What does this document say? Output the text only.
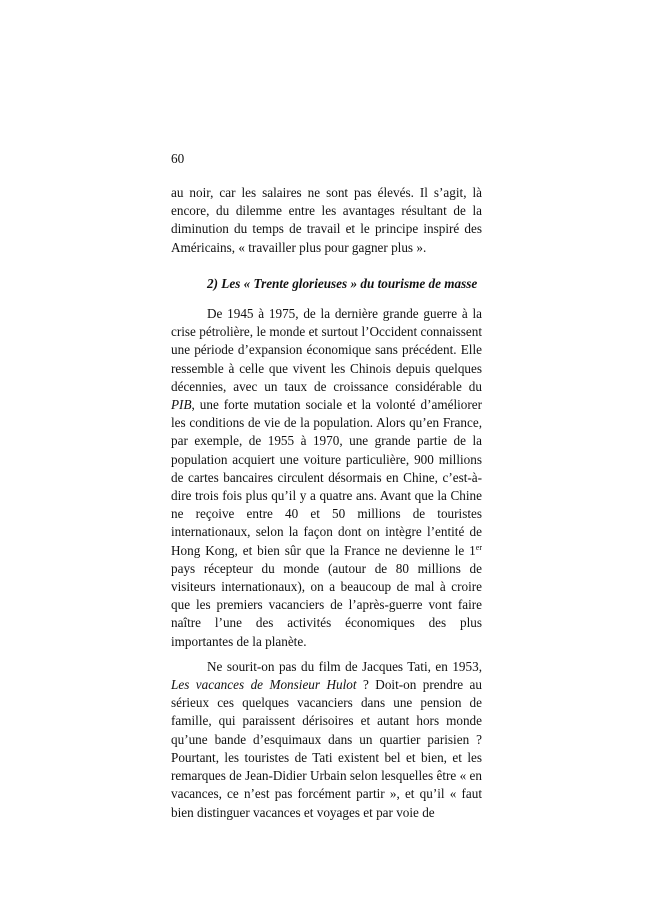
60

au noir, car les salaires ne sont pas élevés. Il s’agit, là encore, du dilemme entre les avantages résultant de la diminution du temps de travail et le principe inspiré des Américains, « travailler plus pour gagner plus ».

2) Les « Trente glorieuses » du tourisme de masse

De 1945 à 1975, de la dernière grande guerre à la crise pétrolière, le monde et surtout l’Occident connaissent une période d’expansion économique sans précédent. Elle ressemble à celle que vivent les Chinois depuis quelques décennies, avec un taux de croissance considérable du PIB, une forte mutation sociale et la volonté d’améliorer les conditions de vie de la population. Alors qu’en France, par exemple, de 1955 à 1970, une grande partie de la population acquiert une voiture particulière, 900 millions de cartes bancaires circulent désormais en Chine, c’est-à-dire trois fois plus qu’il y a quatre ans. Avant que la Chine ne reçoive entre 40 et 50 millions de touristes internationaux, selon la façon dont on intègre l’entité de Hong Kong, et bien sûr que la France ne devienne le 1er pays récepteur du monde (autour de 80 millions de visiteurs internationaux), on a beaucoup de mal à croire que les premiers vacanciers de l’après-guerre vont faire naître l’une des activités économiques des plus importantes de la planète.

Ne sourit-on pas du film de Jacques Tati, en 1953, Les vacances de Monsieur Hulot ? Doit-on prendre au sérieux ces quelques vacanciers dans une pension de famille, qui paraissent dérisoires et autant hors monde qu’une bande d’esquimaux dans un quartier parisien ? Pourtant, les touristes de Tati existent bel et bien, et les remarques de Jean-Didier Urbain selon lesquelles être « en vacances, ce n’est pas forcément partir », et qu’il « faut bien distinguer vacances et voyages et par voie de
